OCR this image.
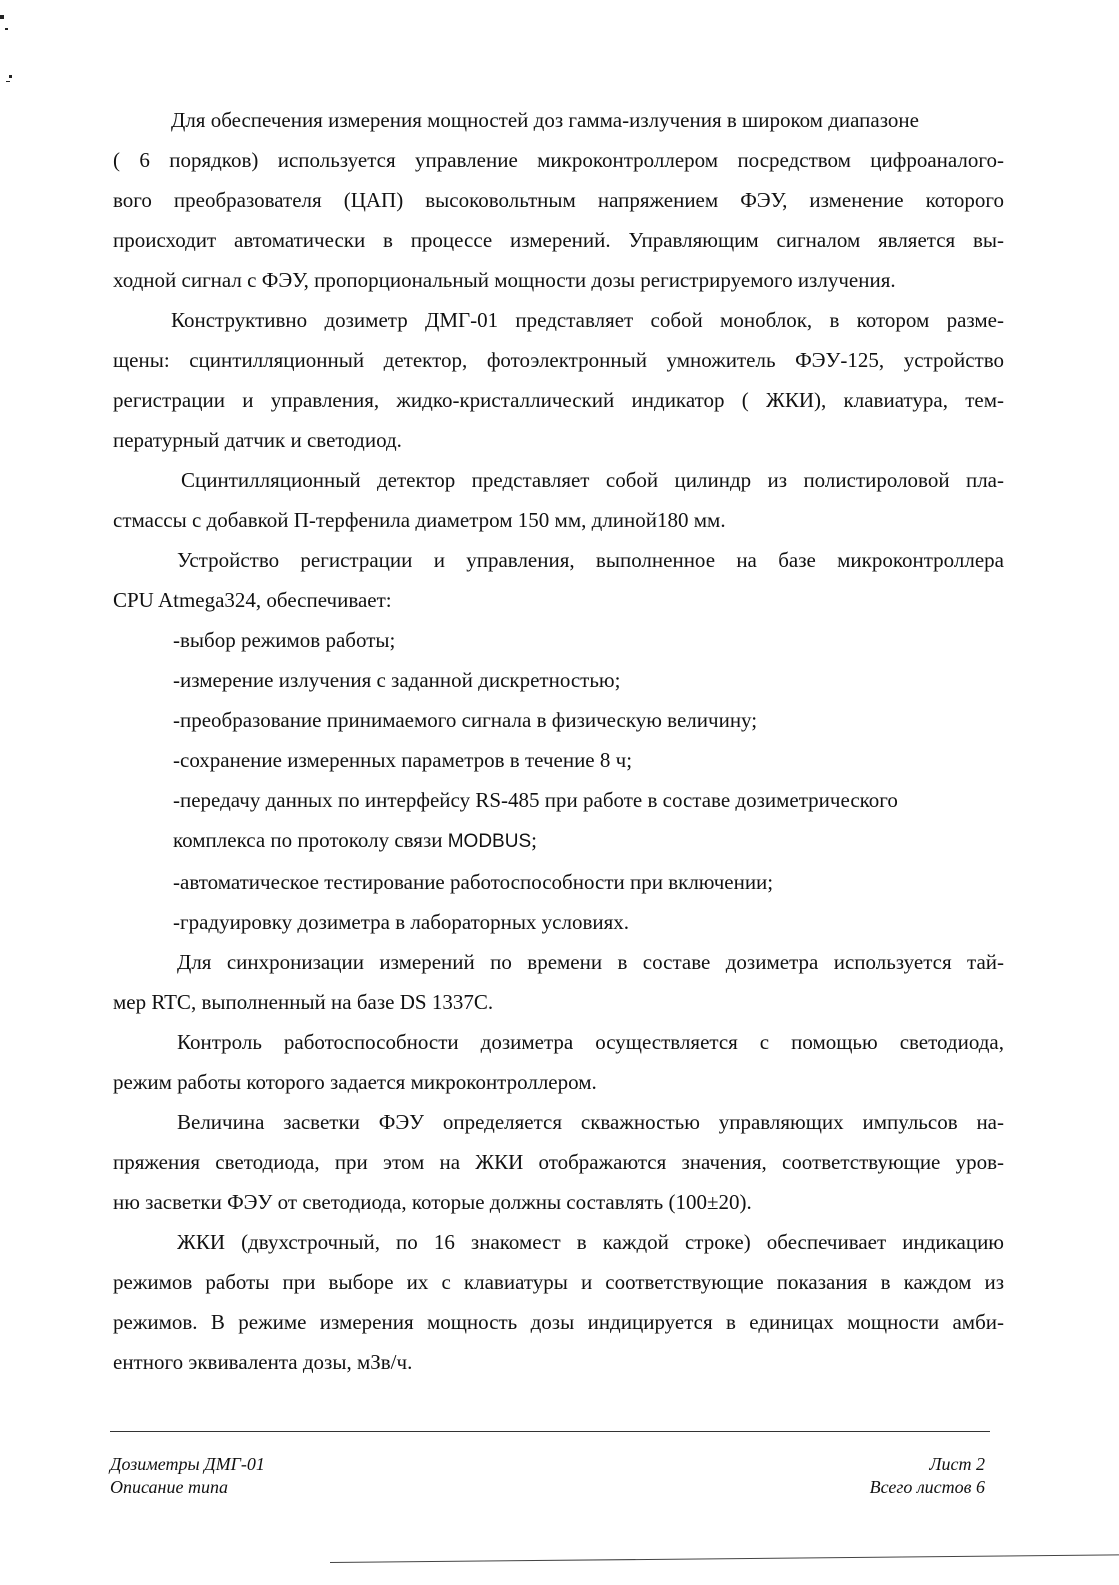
Для обеспечения измерения мощностей доз гамма-излучения в широком диапазоне
( 6 порядков) используется управление микроконтроллером посредством цифроаналого-
вого преобразователя (ЦАП) высоковольтным напряжением ФЭУ, изменение которого
происходит автоматически в процессе измерений. Управляющим сигналом является вы-
ходной сигнал с ФЭУ, пропорциональный мощности дозы регистрируемого излучения.

Конструктивно дозиметр ДМГ-01 представляет собой моноблок, в котором разме-
щены: сцинтилляционный детектор, фотоэлектронный умножитель ФЭУ-125, устройство
регистрации и управления, жидко-кристаллический индикатор ( ЖКИ), клавиатура, тем-
пературный датчик и светодиод.

Сцинтилляционный детектор представляет собой цилиндр из полистироловой пла-
стмассы с добавкой П-терфенила диаметром 150 мм, длиной180 мм.

Устройство регистрации и управления, выполненное на базе микроконтроллера
CPU Atmega324, обеспечивает:

-выбор режимов работы;
-измерение излучения с заданной дискретностью;
-преобразование принимаемого сигнала в физическую величину;
-сохранение измеренных параметров в течение 8 ч;
-передачу данных по интерфейсу RS-485 при работе в составе дозиметрического
комплекса по протоколу связи MODBUS;
-автоматическое тестирование работоспособности при включении;
-градуировку дозиметра в лабораторных условиях.

Для синхронизации измерений по времени в составе дозиметра используется тай-
мер RTC, выполненный на базе DS 1337C.

Контроль работоспособности дозиметра осуществляется с помощью светодиода,
режим работы которого задается микроконтроллером.

Величина засветки ФЭУ определяется скважностью управляющих импульсов на-
пряжения светодиода, при этом на ЖКИ отображаются значения, соответствующие уров-
ню засветки ФЭУ от светодиода, которые должны составлять (100±20).

ЖКИ (двухстрочный, по 16 знакомест в каждой строке) обеспечивает индикацию
режимов работы при выборе их с клавиатуры и соответствующие показания в каждом из
режимов. В режиме измерения мощность дозы индицируется в единицах мощности амби-
ентного эквивалента дозы, мЗв/ч.

Дозиметры ДМГ-01
Описание типа
Лист 2
Всего листов 6
